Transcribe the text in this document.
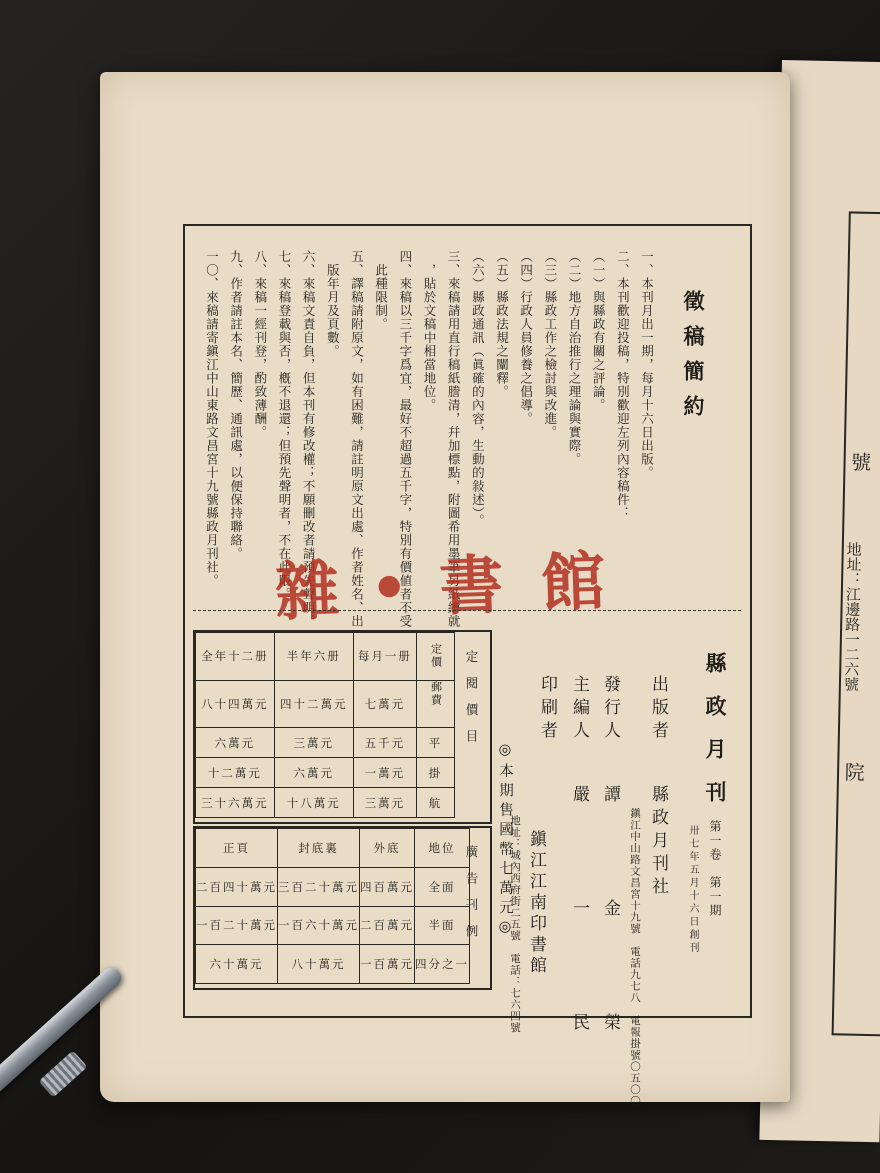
號
地址：江邊路一二六號
院
徵稿簡約
一、本刊月出一期，每月十六日出版。
二、本刊歡迎投稿，特別歡迎左列內容稿件：
（一）與縣政有關之評論。
（二）地方自治推行之理論與實際。
（三）縣政工作之檢討與改進。
（四）行政人員修養之倡導。
（五）縣政法規之闡釋。
（六）縣政通訊（眞確的內容，生動的敍述）。
三、來稿請用直行稿紙謄清，幷加標點，附圖希用墨筆另紙繪就
　，貼於文稿中相當地位。
四、來稿以三千字爲宜，最好不超過五千字，特別有價値者不受
　此種限制。
五、譯稿請附原文，如有困難，請註明原文出處、作者姓名、出
　版年月及頁數。
六、來稿文責自負，但本刊有修改權；不願刪改者請預先聲明。
七、來稿登載與否，槪不退還；但預先聲明者，不在此限。
八、來稿一經刊登，酌致薄酬。
九、作者請註本名、簡歷、通訊處，以便保持聯絡。
一〇、來稿請寄鎭江中山東路文昌宮十九號縣政月刊社。
雜 ● 書 館
縣政月刊
第一卷　第一期
卅七年五月十六日創刊
出版者
縣政月刊社
鎭江中山路文昌宮十九號　電話九七八　電報掛號〇五〇〇
發行人
譚　金　榮
主編人
嚴　一　民
印刷者
鎭江江南印書館
地址：城內西府街二五號　電話：七六四號
◎本期售國幣七萬元◎
定閱價目
全年十二册	半年六册	每月一册	定價
八十四萬元	四十二萬元	七萬元	郵費
六萬元	三萬元	五千元	平
十二萬元	六萬元	一萬元	掛
三十六萬元	十八萬元	三萬元	航
廣告刊例
正頁	封底裏	外底	地位
二百四十萬元	三百二十萬元	四百萬元	全面
一百二十萬元	一百六十萬元	二百萬元	半面
六十萬元	八十萬元	一百萬元	四分之一
